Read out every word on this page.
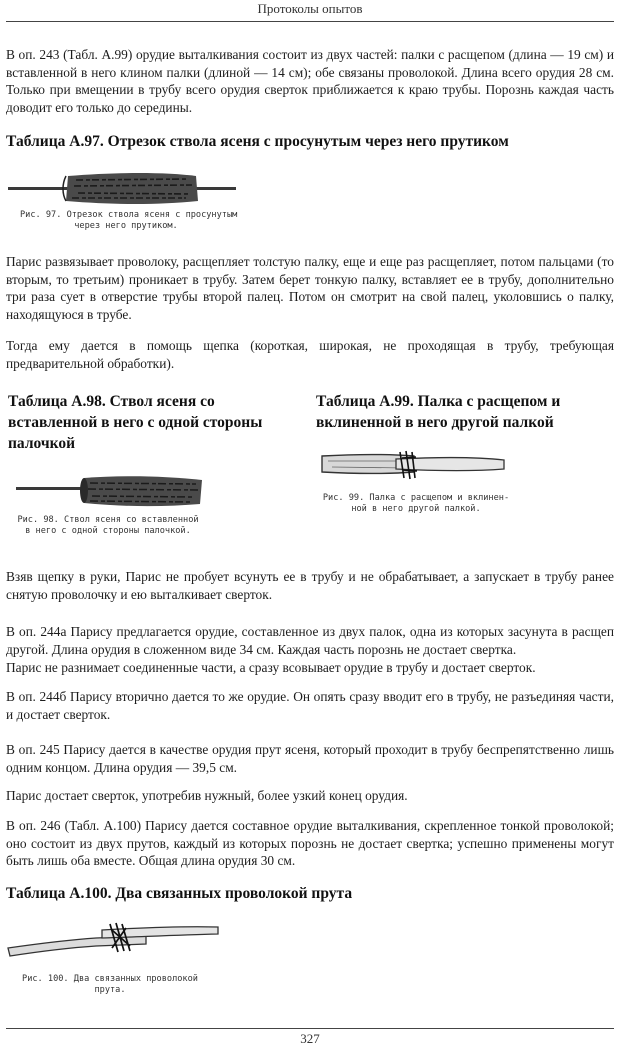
Протоколы опытов

В оп. 243 (Табл. А.99) орудие выталкивания состоит из двух частей: палки с расщепом (длина — 19 см) и вставленной в него клином палки (длиной — 14 см); обе связаны проволокой. Длина всего орудия 28 см. Только при вмещении в трубу всего орудия сверток приближается к краю трубы. Порознь каждая часть доводит его только до середины.

Таблица А.97. Отрезок ствола ясеня с просунутым через него прутиком

Рис. 97. Отрезок ствола ясеня с просунутым
через него прутиком.

Парис развязывает проволоку, расщепляет толстую палку, еще и еще раз расщепляет, потом пальцами (то вторым, то третьим) проникает в трубу. Затем берет тонкую палку, вставляет ее в трубу, дополнительно три раза сует в отверстие трубы второй палец. Потом он смотрит на свой палец, уколовшись о палку, находящуюся в трубе.

Тогда ему дается в помощь щепка (короткая, широкая, не проходящая в трубу, требующая предварительной обработки).

Таблица А.98. Ствол ясеня со
вставленной в него с одной стороны
палочкой
Рис. 98. Ствол ясеня со вставленной
в него с одной стороны палочкой.
Таблица А.99. Палка с расщепом и
вклиненной в него другой палкой
Рис. 99. Палка с расщепом и вклинен-
ной в него другой палкой.

Взяв щепку в руки, Парис не пробует всунуть ее в трубу и не обрабатывает, а запускает в трубу ранее снятую проволочку и ею выталкивает сверток.

В оп. 244а Парису предлагается орудие, составленное из двух палок, одна из которых засунута в расщеп другой. Длина орудия в сложенном виде 34 см. Каждая часть порознь не достает свертка.

Парис не разнимает соединенные части, а сразу всовывает орудие в трубу и достает сверток.

В оп. 244б Парису вторично дается то же орудие. Он опять сразу вводит его в трубу, не разъединяя части, и достает сверток.

В оп. 245 Парису дается в качестве орудия прут ясеня, который проходит в трубу беспрепятственно лишь одним концом. Длина орудия — 39,5 см.

Парис достает сверток, употребив нужный, более узкий конец орудия.

В оп. 246 (Табл. А.100) Парису дается составное орудие выталкивания, скрепленное тонкой проволокой; оно состоит из двух прутов, каждый из которых порознь не достает свертка; успешно применены могут быть лишь оба вместе. Общая длина орудия 30 см.

Таблица А.100. Два связанных проволокой прута

Рис. 100. Два связанных проволокой
прута.
327
